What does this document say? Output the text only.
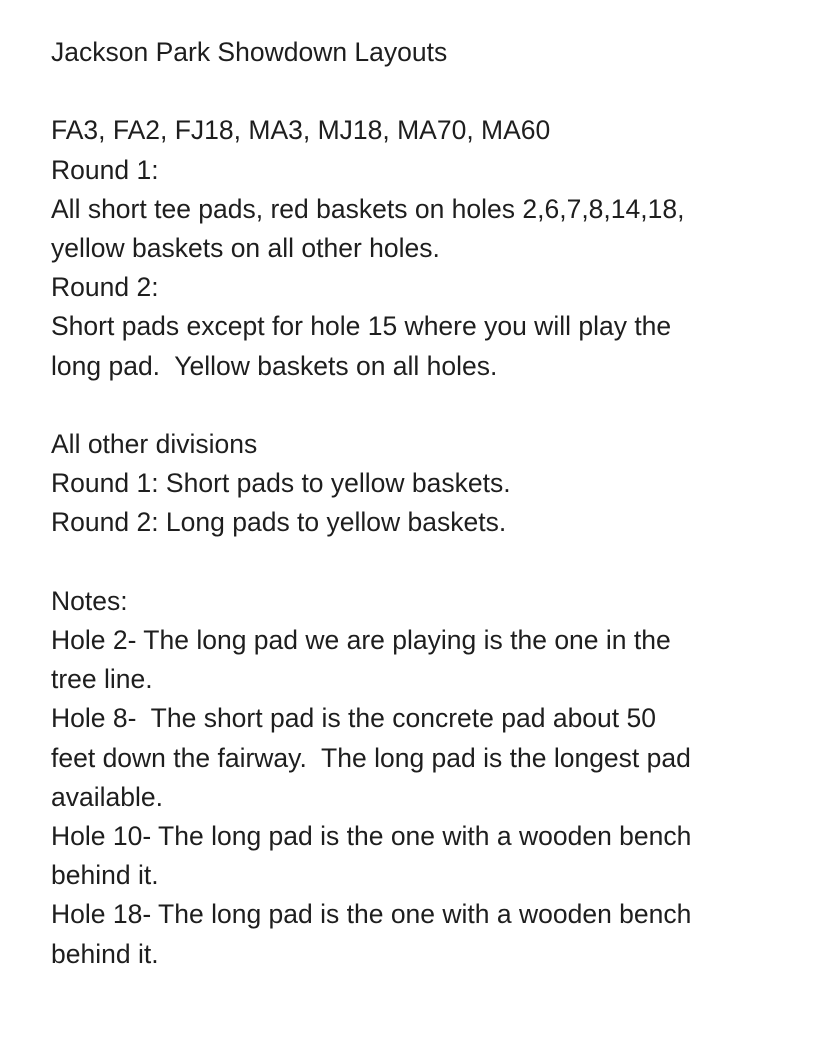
Jackson Park Showdown Layouts
FA3, FA2, FJ18, MA3, MJ18, MA70, MA60
Round 1:
All short tee pads, red baskets on holes 2,6,7,8,14,18,
yellow baskets on all other holes.
Round 2:
Short pads except for hole 15 where you will play the
long pad.  Yellow baskets on all holes.
All other divisions
Round 1: Short pads to yellow baskets.
Round 2: Long pads to yellow baskets.
Notes:
Hole 2- The long pad we are playing is the one in the
tree line.
Hole 8-  The short pad is the concrete pad about 50
feet down the fairway.  The long pad is the longest pad
available.
Hole 10- The long pad is the one with a wooden bench
behind it.
Hole 18- The long pad is the one with a wooden bench
behind it.
